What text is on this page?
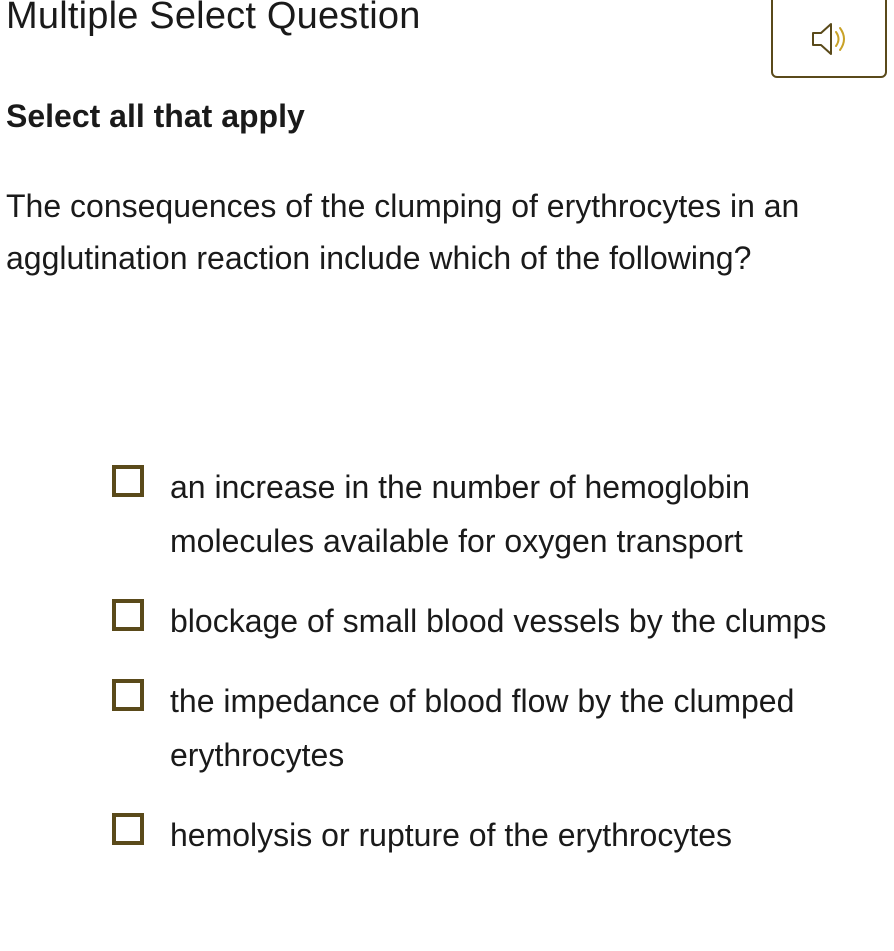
Multiple Select Question

Select all that apply

The consequences of the clumping of erythrocytes in an agglutination reaction include which of the following?

an increase in the number of hemoglobin molecules available for oxygen transport
blockage of small blood vessels by the clumps
the impedance of blood flow by the clumped erythrocytes
hemolysis or rupture of the erythrocytes
